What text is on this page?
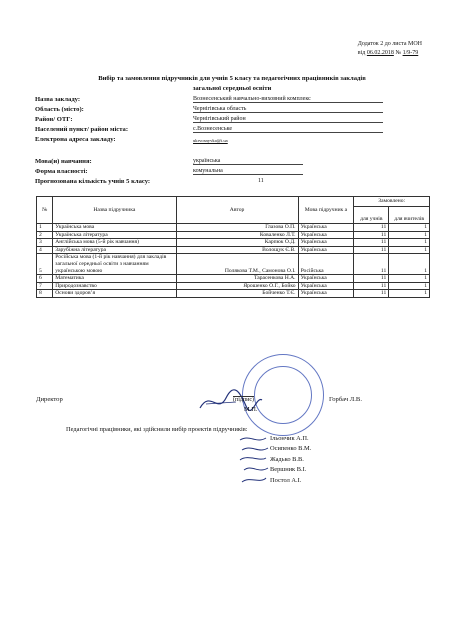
Додаток 2 до листа МОН
від 06.02.2018 № 1/9-79
Вибір та замовлення підручників для учнів 5 класу та педагогічних працівників закладів
загальної середньої освіти
Назва закладу:	Вознесенський навчально-виховний комплекс
Область (місто):	Чернігівська область
Район/ ОТГ:	Чернігівський район
Населений пункт/ район міста:	с.Вознесенське
Електрона адреса закладу:	ukrvosnyvka@i.ua
Мова(и) навчання:	українська
Форма власності:	комунальна
Прогнозована кількість учнів 5 класу:	11
№	Назва підручника	Автор	Мова підручник а	Замовлено:	
				для учнів	для вчителів
1	Українська мова	Глазова О.П.	Українська	11	1
2	Українська література	Коваленко Л.Т.	Українська	11	1
3	Англійська мова (5-й рік навчання)	Карпюк О.Д.	Українська	11	1
4	Зарубіжна література	Волощук Є.В.	Українська	11	1
5	Російська мова (1-й рік навчання) для закладів загальної середньої освіти з навчанням українською мовою	Полякова Т.М., Самонова О.І.	Російська	11	1
6	Математика	Тарасенкова Н.А.	Українська	11	1
7	Природознавство	Ярошенко О.Г., Бойко	Українська	11	1
8	Основи здоров’я	Бойченко Т.Є.	Українська	11	1
Директор	(підпис)
М.П.
Горбач Л.В.
Педагогічні працівники, які здійснили вибір проектів підручників:
Ільончик А.П.
Осипенко В.М.
Жадько В.В.
Вершник В.І.
Постол А.І.
